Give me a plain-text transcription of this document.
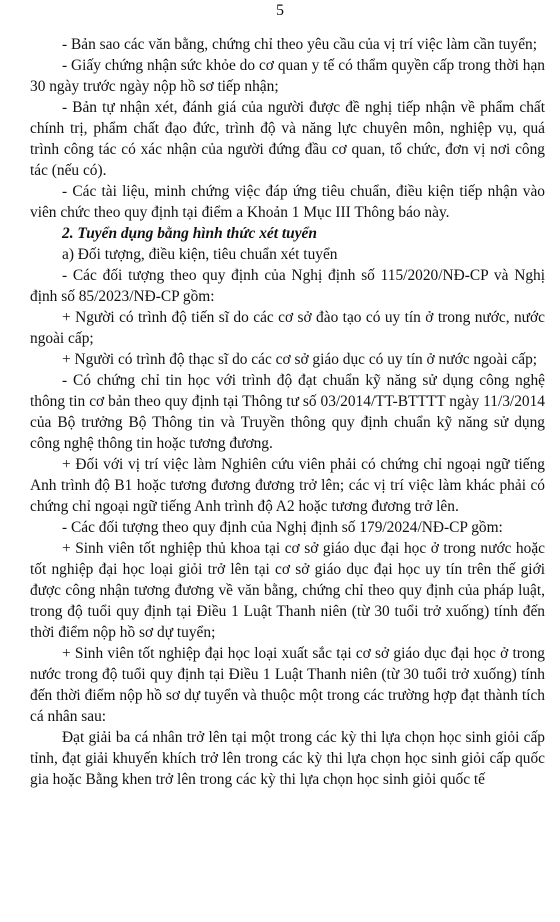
5

- Bản sao các văn bằng, chứng chỉ theo yêu cầu của vị trí việc làm cần tuyển;

- Giấy chứng nhận sức khỏe do cơ quan y tế có thẩm quyền cấp trong thời hạn 30 ngày trước ngày nộp hồ sơ tiếp nhận;

- Bản tự nhận xét, đánh giá của người được đề nghị tiếp nhận về phẩm chất chính trị, phẩm chất đạo đức, trình độ và năng lực chuyên môn, nghiệp vụ, quá trình công tác có xác nhận của người đứng đầu cơ quan, tổ chức, đơn vị nơi công tác (nếu có).

- Các tài liệu, minh chứng việc đáp ứng tiêu chuẩn, điều kiện tiếp nhận vào viên chức theo quy định tại điểm a Khoản 1 Mục III Thông báo này.

2. Tuyển dụng bằng hình thức xét tuyển

a) Đối tượng, điều kiện, tiêu chuẩn xét tuyển

- Các đối tượng theo quy định của Nghị định số 115/2020/NĐ-CP và Nghị định số 85/2023/NĐ-CP gồm:

+ Người có trình độ tiến sĩ do các cơ sở đào tạo có uy tín ở trong nước, nước ngoài cấp;

+ Người có trình độ thạc sĩ do các cơ sở giáo dục có uy tín ở nước ngoài cấp;

- Có chứng chỉ tin học với trình độ đạt chuẩn kỹ năng sử dụng công nghệ thông tin cơ bản theo quy định tại Thông tư số 03/2014/TT-BTTTT ngày 11/3/2014 của Bộ trưởng Bộ Thông tin và Truyền thông quy định chuẩn kỹ năng sử dụng công nghệ thông tin hoặc tương đương.

+ Đối với vị trí việc làm Nghiên cứu viên phải có chứng chỉ ngoại ngữ tiếng Anh trình độ B1 hoặc tương đương đương trở lên; các vị trí việc làm khác phải có chứng chỉ ngoại ngữ tiếng Anh trình độ A2 hoặc tương đương trở lên.

- Các đối tượng theo quy định của Nghị định số 179/2024/NĐ-CP gồm:

+ Sinh viên tốt nghiệp thủ khoa tại cơ sở giáo dục đại học ở trong nước hoặc tốt nghiệp đại học loại giỏi trở lên tại cơ sở giáo dục đại học uy tín trên thế giới được công nhận tương đương về văn bằng, chứng chỉ theo quy định của pháp luật, trong độ tuổi quy định tại Điều 1 Luật Thanh niên (từ 30 tuổi trở xuống) tính đến thời điểm nộp hồ sơ dự tuyển;

+ Sinh viên tốt nghiệp đại học loại xuất sắc tại cơ sở giáo dục đại học ở trong nước trong độ tuổi quy định tại Điều 1 Luật Thanh niên (từ 30 tuổi trở xuống) tính đến thời điểm nộp hồ sơ dự tuyển và thuộc một trong các trường hợp đạt thành tích cá nhân sau:

Đạt giải ba cá nhân trở lên tại một trong các kỳ thi lựa chọn học sinh giỏi cấp tỉnh, đạt giải khuyến khích trở lên trong các kỳ thi lựa chọn học sinh giỏi cấp quốc gia hoặc Bằng khen trở lên trong các kỳ thi lựa chọn học sinh giỏi quốc tế
